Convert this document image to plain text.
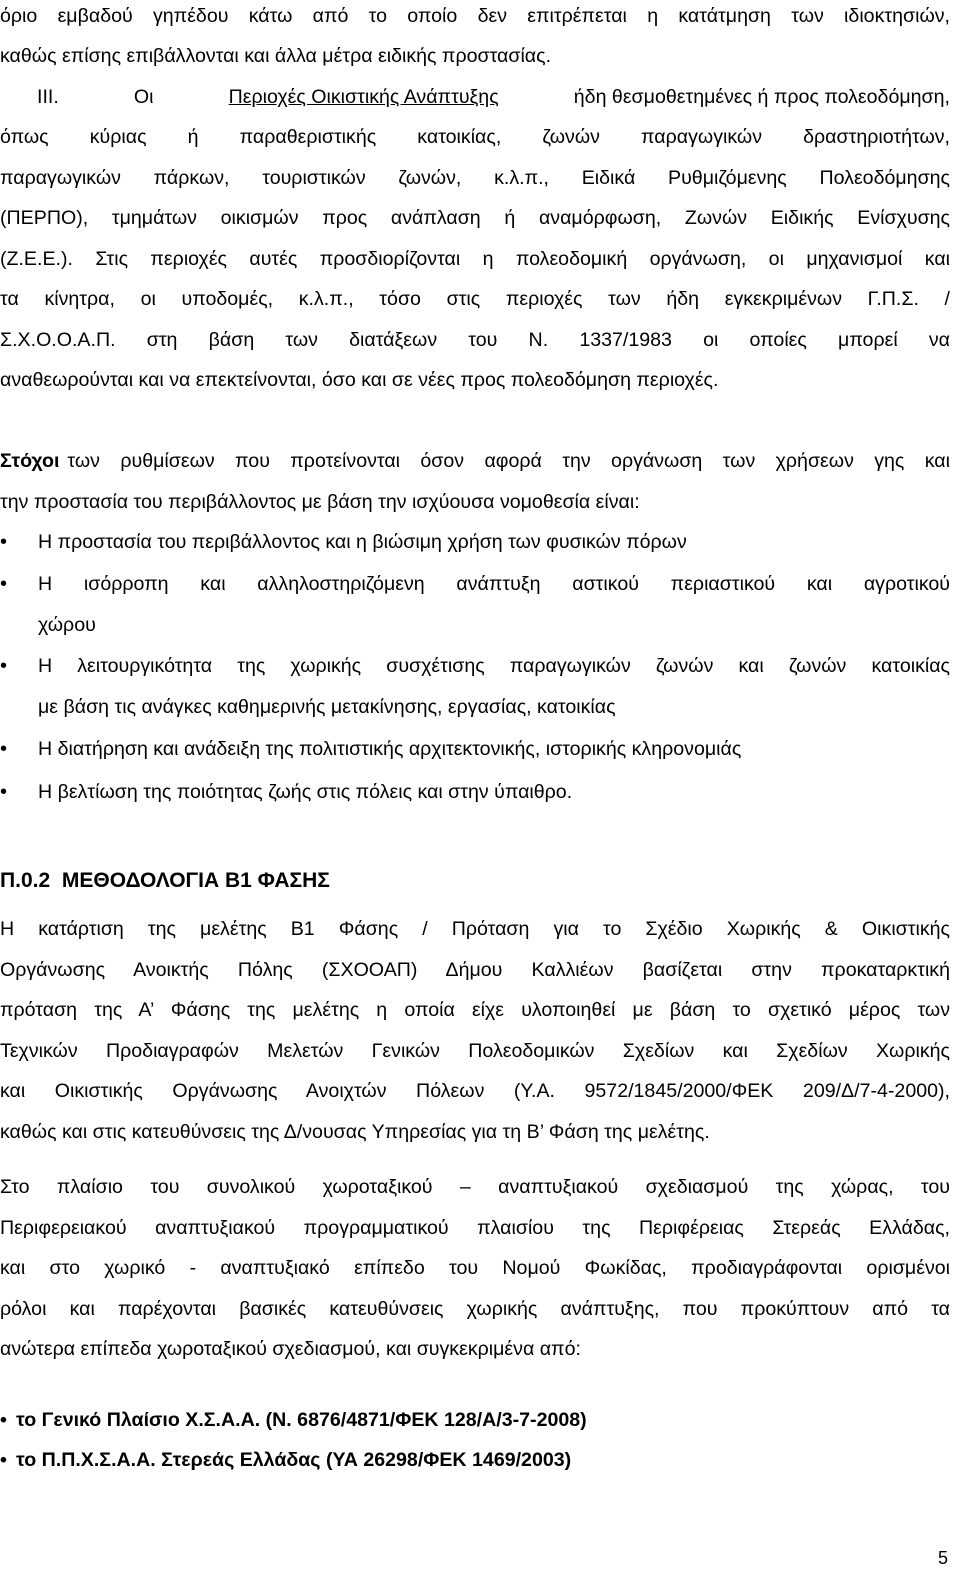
όριο εμβαδού γηπέδου κάτω από το οποίο δεν επιτρέπεται η κατάτμηση των ιδιοκτησιών,
καθώς επίσης επιβάλλονται και άλλα μέτρα ειδικής προστασίας.
III.	Οι	Περιοχές Οικιστικής Ανάπτυξης	ήδη θεσμοθετημένες ή προς πολεοδόμηση,
όπως κύριας ή παραθεριστικής κατοικίας, ζωνών παραγωγικών δραστηριοτήτων,
παραγωγικών πάρκων, τουριστικών ζωνών, κ.λ.π., Ειδικά Ρυθμιζόμενης Πολεοδόμησης
(ΠΕΡΠΟ), τμημάτων οικισμών προς ανάπλαση ή αναμόρφωση, Ζωνών Ειδικής Ενίσχυσης
(Ζ.Ε.Ε.). Στις περιοχές αυτές προσδιορίζονται η πολεοδομική οργάνωση, οι μηχανισμοί και
τα κίνητρα, οι υποδομές, κ.λ.π., τόσο στις περιοχές των ήδη εγκεκριμένων Γ.Π.Σ. /
Σ.Χ.Ο.Ο.Α.Π. στη βάση των διατάξεων του Ν. 1337/1983 οι οποίες μπορεί να
αναθεωρούνται και να επεκτείνονται, όσο και σε νέες προς πολεοδόμηση περιοχές.
Στόχοι των ρυθμίσεων που προτείνονται όσον αφορά την οργάνωση των χρήσεων γης και
την προστασία του περιβάλλοντος με βάση την ισχύουσα νομοθεσία είναι:
•	Η προστασία του περιβάλλοντος και η βιώσιμη χρήση των φυσικών πόρων
•	Η ισόρροπη και αλληλοστηριζόμενη ανάπτυξη αστικού περιαστικού και αγροτικού
χώρου
•	Η λειτουργικότητα της χωρικής συσχέτισης παραγωγικών ζωνών και ζωνών κατοικίας
με βάση τις ανάγκες καθημερινής μετακίνησης, εργασίας, κατοικίας
•	Η διατήρηση και ανάδειξη της πολιτιστικής αρχιτεκτονικής, ιστορικής κληρονομιάς
•	Η βελτίωση της ποιότητας ζωής στις πόλεις και στην ύπαιθρο.
Π.0.2  ΜΕΘΟΔΟΛΟΓΙΑ Β1 ΦΑΣΗΣ
Η κατάρτιση της μελέτης Β1 Φάσης / Πρόταση για το Σχέδιο Χωρικής & Οικιστικής
Οργάνωσης Ανοικτής Πόλης (ΣΧΟΟΑΠ) Δήμου Καλλιέων βασίζεται στην προκαταρκτική
πρόταση της Α’ Φάσης της μελέτης η οποία είχε υλοποιηθεί με βάση το σχετικό μέρος των
Τεχνικών Προδιαγραφών Μελετών Γενικών Πολεοδομικών Σχεδίων και Σχεδίων Χωρικής
και Οικιστικής Οργάνωσης Ανοιχτών Πόλεων (Υ.Α. 9572/1845/2000/ΦΕΚ 209/Δ/7-4-2000),
καθώς και στις κατευθύνσεις της Δ/νουσας Υπηρεσίας για τη Β’ Φάση της μελέτης.
Στο πλαίσιο του συνολικού χωροταξικού – αναπτυξιακού σχεδιασμού της χώρας, του
Περιφερειακού αναπτυξιακού προγραμματικού πλαισίου της Περιφέρειας Στερεάς Ελλάδας,
και στο χωρικό - αναπτυξιακό επίπεδο του Νομού Φωκίδας, προδιαγράφονται ορισμένοι
ρόλοι και παρέχονται βασικές κατευθύνσεις χωρικής ανάπτυξης, που προκύπτουν από τα
ανώτερα επίπεδα χωροταξικού σχεδιασμού, και συγκεκριμένα από:
• το Γενικό Πλαίσιο Χ.Σ.Α.Α. (Ν. 6876/4871/ΦΕΚ 128/Α/3-7-2008)
• το Π.Π.Χ.Σ.Α.Α. Στερεάς Ελλάδας (ΥΑ 26298/ΦΕΚ 1469/2003)
5
